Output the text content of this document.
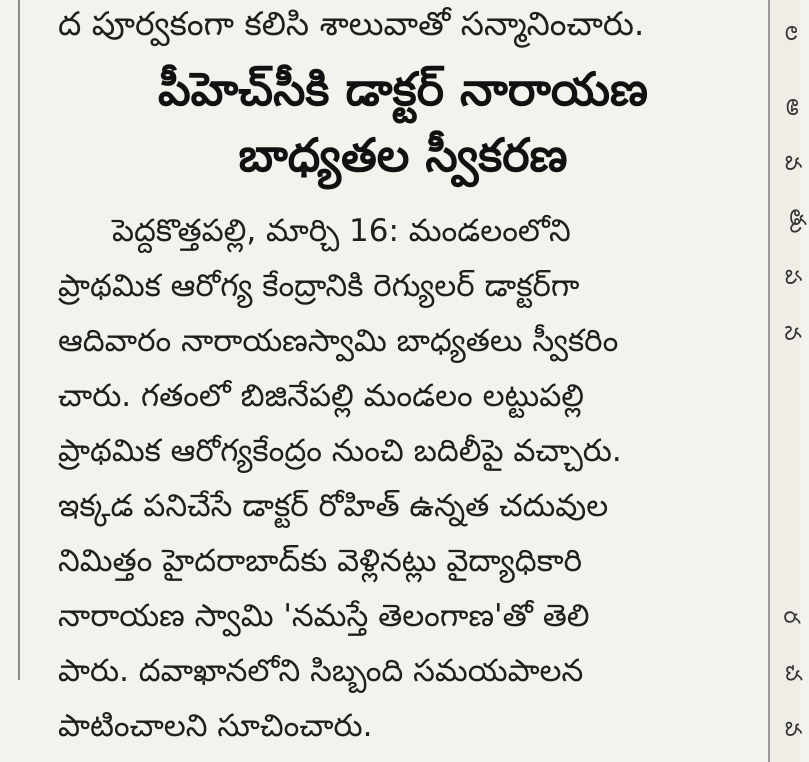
ద పూర్వకంగా కలిసి శాలువాతో సన్మానించారు.
పీహెచ్‌సీకి డాక్టర్ నారాయణ
బాధ్యతల స్వీకరణ
పెద్దకొత్తపల్లి, మార్చి 16: మండలంలోని
ప్రాథమిక ఆరోగ్య కేంద్రానికి రెగ్యులర్ డాక్టర్‌గా
ఆదివారం నారాయణస్వామి బాధ్యతలు స్వీకరిం
చారు. గతంలో బిజినేపల్లి మండలం లట్టుపల్లి
ప్రాథమిక ఆరోగ్యకేంద్రం నుంచి బదిలీపై వచ్చారు.
ఇక్కడ పనిచేసే డాక్టర్ రోహిత్ ఉన్నత చదువుల
నిమిత్తం హైదరాబాద్‌కు వెళ్లినట్లు వైద్యాధికారి
నారాయణ స్వామి 'నమస్తే తెలంగాణ'తో తెలి
పారు. దవాఖానలోని సిబ్బంది సమయపాలన
పాటించాలని సూచించారు.
ల
అ
వ
తు
ప
న
ర
చ
వ
